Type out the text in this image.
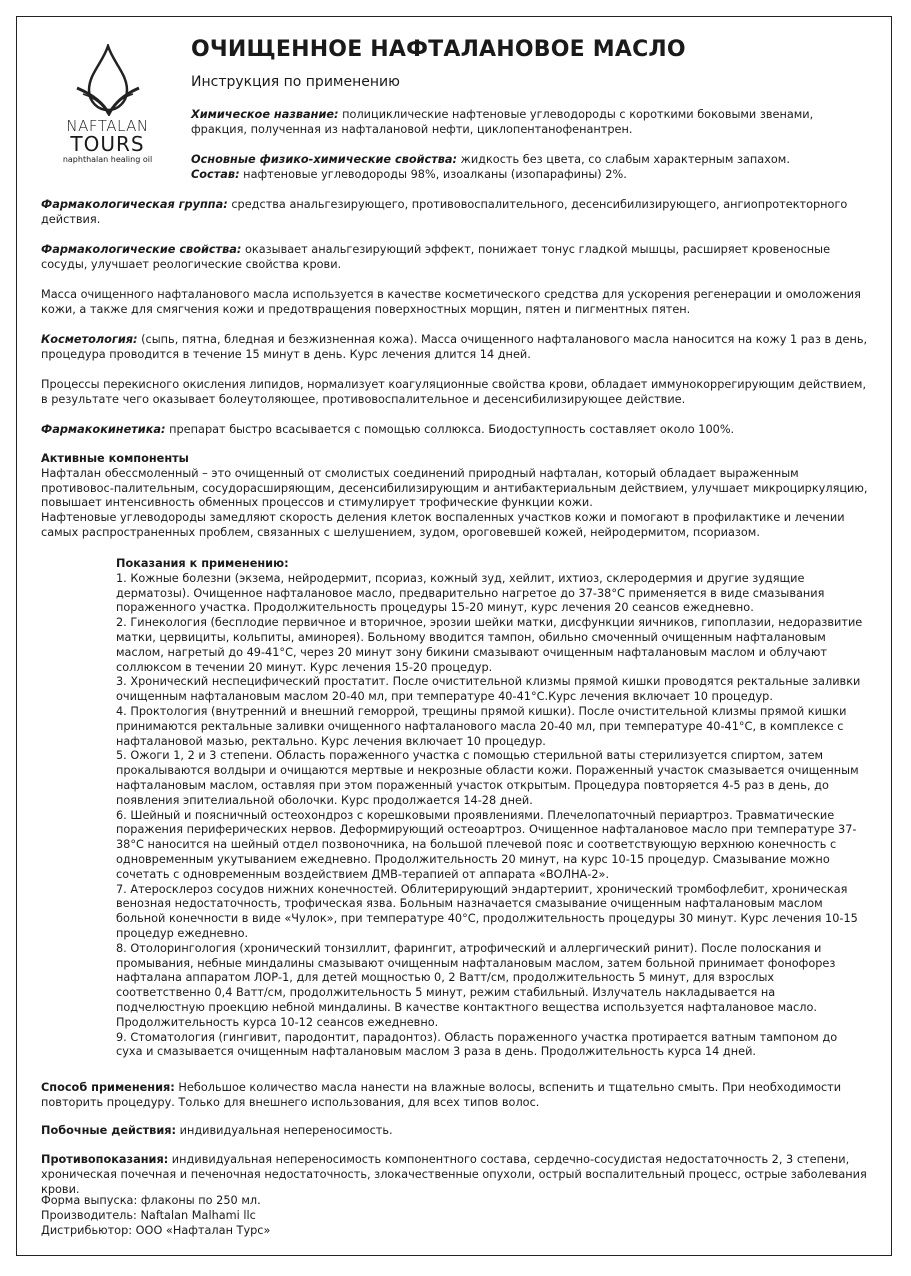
NAFTALAN
TOURS
naphthalan healing oil
ОЧИЩЕННОЕ НАФТАЛАНОВОЕ МАСЛО

Инструкция по применению

Химическое название: полициклические нафтеновые углеводороды с короткими боковыми звенами, фракция, полученная из нафталановой нефти, циклопентанофенантрен.

Основные физико-химические свойства: жидкость без цвета, со слабым характерным запахом.

Состав: нафтеновые углеводороды 98%, изоалканы (изопарафины) 2%.

Фармакологическая группа: средства анальгезирующего, противовоспалительного, десенсибилизирующего, ангиопротекторного действия.

Фармакологические свойства: оказывает анальгезирующий эффект, понижает тонус гладкой мышцы, расширяет кровеносные сосуды, улучшает реологические свойства крови.

Масса очищенного нафталанового масла используется в качестве косметического средства для ускорения регенерации и омоложения кожи, а также для смягчения кожи и предотвращения поверхностных морщин, пятен и пигментных пятен.

Косметология: (сыпь, пятна, бледная и безжизненная кожа). Масса очищенного нафталанового масла наносится на кожу 1 раз в день, процедура проводится в течение 15 минут в день. Курс лечения длится 14 дней.

Процессы перекисного окисления липидов, нормализует коагуляционные свойства крови, обладает иммунокоррегирующим действием, в результате чего оказывает болеутоляющее, противовоспалительное и десенсибилизирующее действие.

Фармакокинетика: препарат быстро всасывается с помощью соллюкса. Биодоступность составляет около 100%.

Активные компоненты
Нафталан обессмоленный – это очищенный от смолистых соединений природный нафталан, который обладает выраженным противовос-палительным, сосудорасширяющим, десенсибилизирующим и антибактериальным действием, улучшает микроциркуляцию, повышает интенсивность обменных процессов и стимулирует трофические функции кожи.
Нафтеновые углеводороды замедляют скорость деления клеток воспаленных участков кожи и помогают в профилактике и лечении самых распространенных проблем, связанных с шелушением, зудом, ороговевшей кожей, нейродермитом, псориазом.

Показания к применению:
1. Кожные болезни (экзема, нейродермит, псориаз, кожный зуд, хейлит, ихтиоз, склеродермия и другие зудящие дерматозы). Очищенное нафталановое масло, предварительно нагретое до 37-38°С применяется в виде смазывания пораженного участка. Продолжительность процедуры 15-20 минут, курс лечения 20 сеансов ежедневно.
2. Гинекология (бесплодие первичное и вторичное, эрозии шейки матки, дисфункции яичников, гипоплазии, недоразвитие матки, цервициты, кольпиты, аминорея). Больному вводится тампон, обильно смоченный очищенным нафталановым маслом, нагретый до 49-41°С, через 20 минут зону бикини смазывают очищенным нафталановым маслом и облучают соллюксом в течении 20 минут. Курс лечения 15-20 процедур.
3. Хронический неспецифический простатит. После очистительной клизмы прямой кишки проводятся ректальные заливки очищенным нафталановым маслом 20-40 мл, при температуре 40-41°С.Курс лечения включает 10 процедур.
4. Проктология (внутренний и внешний геморрой, трещины прямой кишки). После очистительной клизмы прямой кишки принимаются ректальные заливки очищенного нафталанового масла 20-40 мл, при температуре 40-41°С, в комплексе с нафталановой мазью, ректально. Курс лечения включает 10 процедур.
5. Ожоги 1, 2 и 3 степени. Область пораженного участка с помощью стерильной ваты стерилизуется спиртом, затем прокалываются волдыри и очищаются мертвые и некрозные области кожи. Пораженный участок смазывается очищенным нафталановым маслом, оставляя при этом пораженный участок открытым. Процедура повторяется 4-5 раз в день, до появления эпителиальной оболочки. Курс продолжается 14-28 дней.
6. Шейный и поясничный остеохондроз с корешковыми проявлениями. Плечелопаточный периартроз. Травматические поражения периферических нервов. Деформирующий остеоартроз. Очищенное нафталановое масло при температуре 37-38°С наносится на шейный отдел позвоночника, на большой плечевой пояс и соответствующую верхнюю конечность с одновременным укутыванием ежедневно. Продолжительность 20 минут, на курс 10-15 процедур. Смазывание можно сочетать с одновременным воздействием ДМВ-терапией от аппарата «ВОЛНА-2».
7. Атеросклероз сосудов нижних конечностей. Облитерирующий эндартериит, хронический тромбофлебит, хроническая венозная недостаточность, трофическая язва. Больным назначается смазывание очищенным нафталановым маслом больной конечности в виде «Чулок», при температуре 40°С, продолжительность процедуры 30 минут. Курс лечения 10-15 процедур ежедневно.
8. Отолорингология (хронический тонзиллит, фарингит, атрофический и аллергический ринит). После полоскания и промывания, небные миндалины смазывают очищенным нафталановым маслом, затем больной принимает фонофорез нафталана аппаратом ЛОР-1, для детей мощностью 0, 2 Ватт/см, продолжительность 5 минут, для взрослых соответственно 0,4 Ватт/см, продолжительность 5 минут, режим стабильный. Излучатель накладывается на подчелюстную проекцию небной миндалины. В качестве контактного вещества используется нафталановое масло. Продолжительность курса 10-12 сеансов ежедневно.
9. Стоматология (гингивит, пародонтит, парадонтоз). Область пораженного участка протирается ватным тампоном до суха и смазывается очищенным нафталановым маслом 3 раза в день. Продолжительность курса 14 дней.

Способ применения: Небольшое количество масла нанести на влажные волосы, вспенить и тщательно смыть. При необходимости повторить процедуру. Только для внешнего использования, для всех типов волос.

Побочные действия: индивидуальная непереносимость.

Противопоказания: индивидуальная непереносимость компонентного состава, сердечно-сосудистая недостаточность 2, 3 степени, хроническая почечная и печеночная недостаточность, злокачественные опухоли, острый воспалительный процесс, острые заболевания крови.

Форма выпуска: флаконы по 250 мл.
Производитель: Naftalan Malhami llc
Дистрибьютор: ООО «Нафталан Турс»
